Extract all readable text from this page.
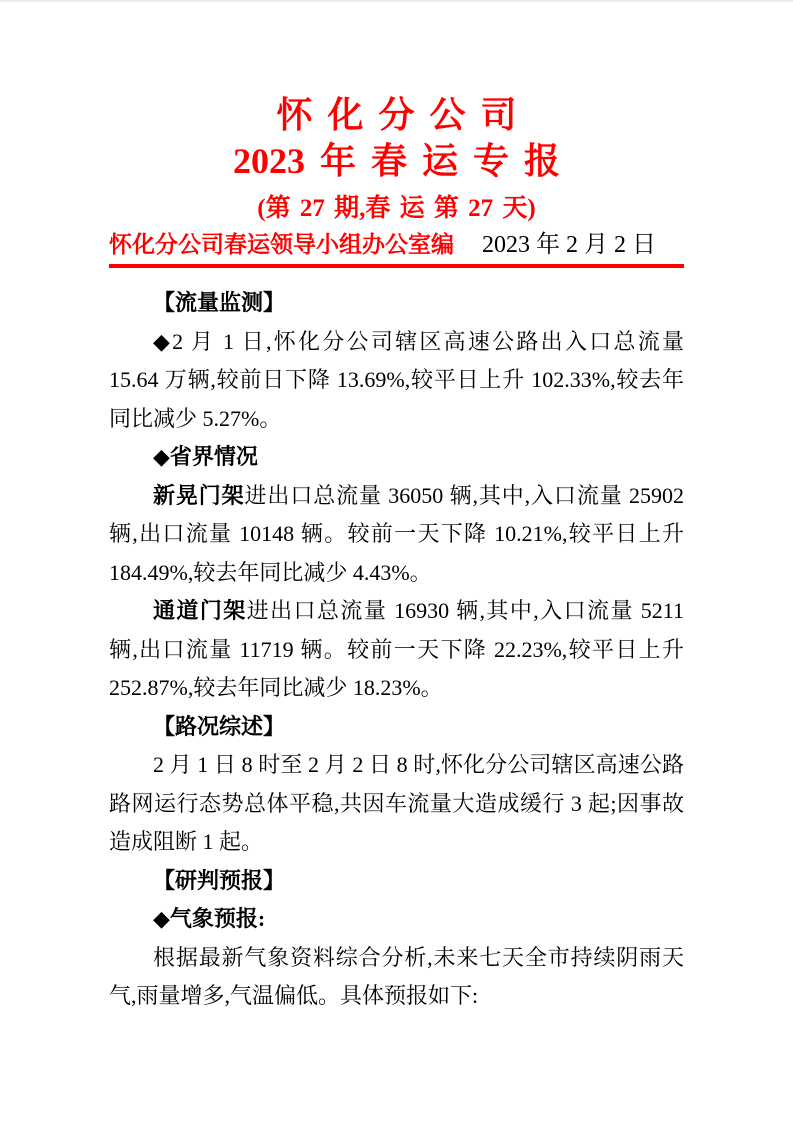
怀 化 分 公 司
2023 年 春 运 专 报
(第 27 期,春 运 第 27 天)
怀化分公司春运领导小组办公室编 2023 年 2 月 2 日

【流量监测】

◆2 月 1 日,怀化分公司辖区高速公路出入口总流量 15.64 万辆,较前日下降 13.69%,较平日上升 102.33%,较去年同比减少 5.27%。

◆省界情况

新晃门架进出口总流量 36050 辆,其中,入口流量 25902 辆,出口流量 10148 辆。较前一天下降 10.21%,较平日上升 184.49%,较去年同比减少 4.43%。

通道门架进出口总流量 16930 辆,其中,入口流量 5211 辆,出口流量 11719 辆。较前一天下降 22.23%,较平日上升 252.87%,较去年同比减少 18.23%。

【路况综述】

2 月 1 日 8 时至 2 月 2 日 8 时,怀化分公司辖区高速公路路网运行态势总体平稳,共因车流量大造成缓行 3 起;因事故造成阻断 1 起。

【研判预报】

◆气象预报:

根据最新气象资料综合分析,未来七天全市持续阴雨天气,雨量增多,气温偏低。具体预报如下:
